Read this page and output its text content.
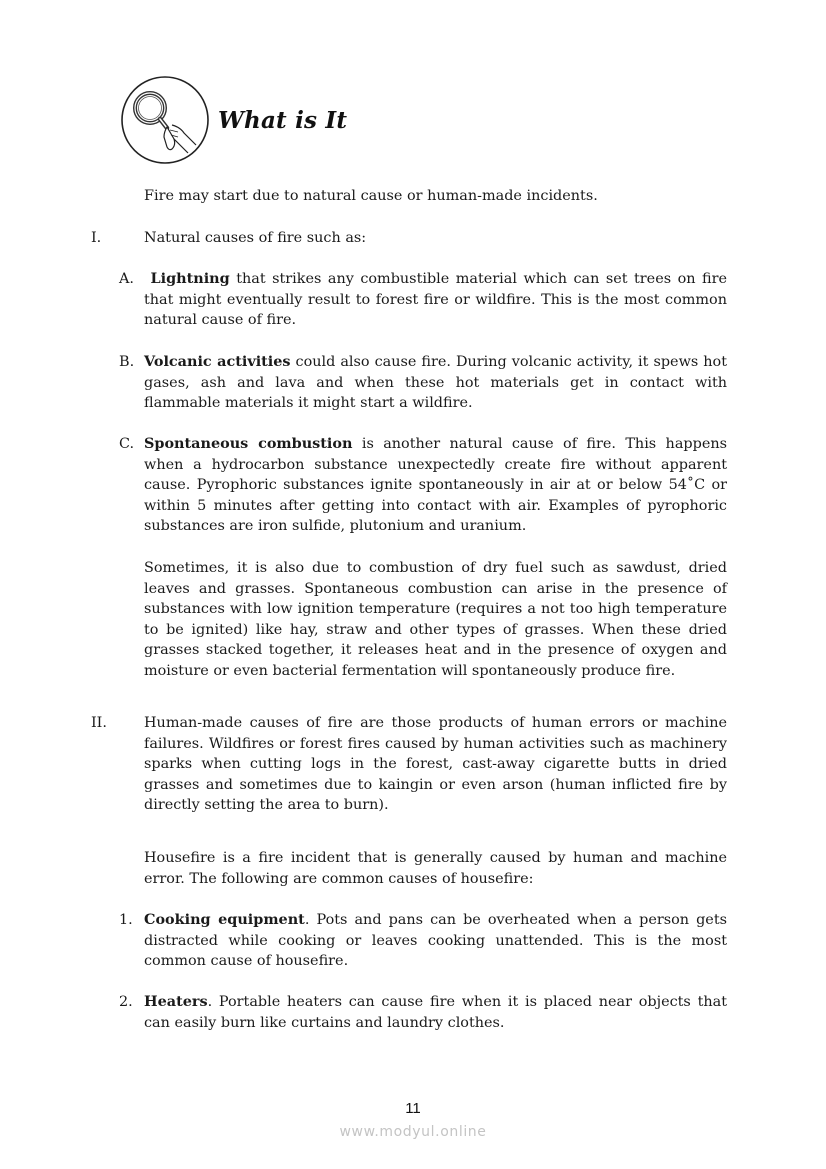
What is It

Fire may start due to natural cause or human-made incidents.

I.	Natural causes of fire such as:

A.	Lightning that strikes any combustible material which can set trees on fire that might eventually result to forest fire or wildfire. This is the most common natural cause of fire.

B. Volcanic activities could also cause fire. During volcanic activity, it spews hot gases, ash and lava and when these hot materials get in contact with flammable materials it might start a wildfire.

C. Spontaneous combustion is another natural cause of fire. This happens when a hydrocarbon substance unexpectedly create fire without apparent cause. Pyrophoric substances ignite spontaneously in air at or below 54˚C or within 5 minutes after getting into contact with air. Examples of pyrophoric substances are iron sulfide, plutonium and uranium.

Sometimes, it is also due to combustion of dry fuel such as sawdust, dried leaves and grasses. Spontaneous combustion can arise in the presence of substances with low ignition temperature (requires a not too high temperature to be ignited) like hay, straw and other types of grasses. When these dried grasses stacked together, it releases heat and in the presence of oxygen and moisture or even bacterial fermentation will spontaneously produce fire.

II.	Human-made causes of fire are those products of human errors or machine failures. Wildfires or forest fires caused by human activities such as machinery sparks when cutting logs in the forest, cast-away cigarette butts in dried grasses and sometimes due to kaingin or even arson (human inflicted fire by directly setting the area to burn).

Housefire is a fire incident that is generally caused by human and machine error. The following are common causes of housefire:

1. Cooking equipment. Pots and pans can be overheated when a person gets distracted while cooking or leaves cooking unattended. This is the most common cause of housefire.

2. Heaters. Portable heaters can cause fire when it is placed near objects that can easily burn like curtains and laundry clothes.

11
www.modyul.online
